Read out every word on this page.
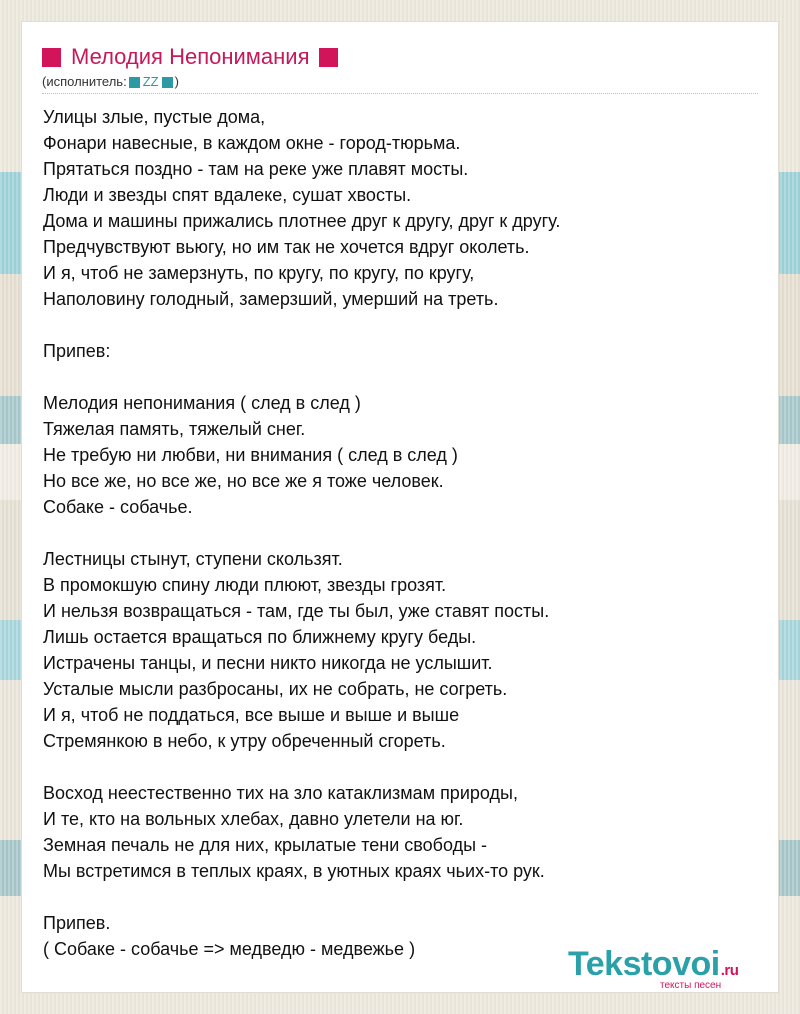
Мелодия Непонимания
(исполнитель: ZZ )
Улицы злые, пустые дома,
Фонари навесные, в каждом окне - город-тюрьма.
Прятаться поздно - там на реке уже плавят мосты.
Люди и звезды спят вдалеке, сушат хвосты.
Дома и машины прижались плотнее друг к другу, друг к другу.
Предчувствуют вьюгу, но им так не хочется вдруг околеть.
И я, чтоб не замерзнуть, по кругу, по кругу, по кругу,
Наполовину голодный, замерзший, умерший на треть.
Припев:
Мелодия непонимания ( след в след )
Тяжелая память, тяжелый снег.
Не требую ни любви, ни внимания ( след в след )
Но все же, но все же, но все же я тоже человек.
Собаке - собачье.
Лестницы стынут, ступени скользят.
В промокшую спину люди плюют, звезды грозят.
И нельзя возвращаться - там, где ты был, уже ставят посты.
Лишь остается вращаться по ближнему кругу беды.
Истрачены танцы, и песни никто никогда не услышит.
Усталые мысли разбросаны, их не собрать, не согреть.
И я, чтоб не поддаться, все выше и выше и выше
Стремянкою в небо, к утру обреченный сгореть.
Восход неестественно тих на зло катаклизмам природы,
И те, кто на вольных хлебах, давно улетели на юг.
Земная печаль не для них, крылатые тени свободы -
Мы встретимся в теплых краях, в уютных краях чьих-то рук.
Припев.
( Собаке - собачье => медведю - медвежье )	Tekstovoi.ru
тексты песен
